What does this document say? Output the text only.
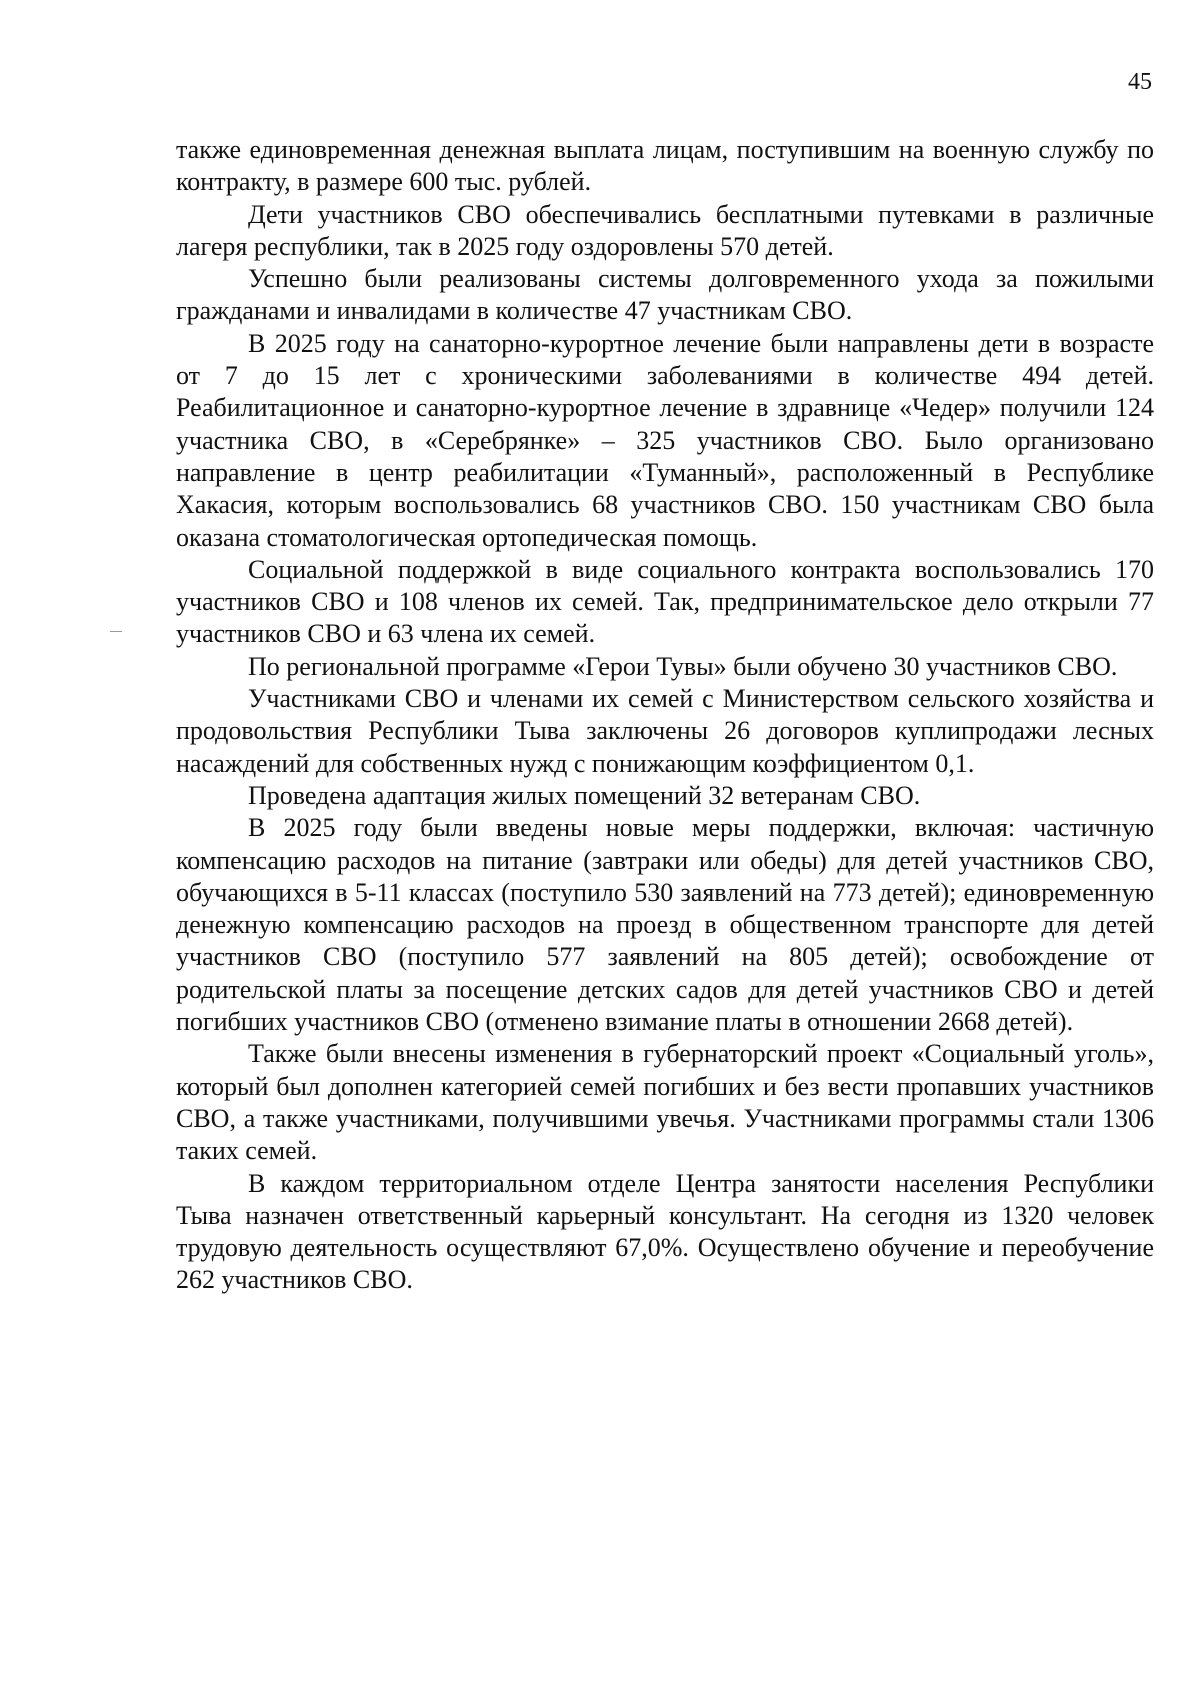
45

также единовременная денежная выплата лицам, поступившим на военную службу по контракту, в размере 600 тыс. рублей.

Дети участников СВО обеспечивались бесплатными путевками в различные лагеря республики, так в 2025 году оздоровлены 570 детей.

Успешно были реализованы системы долговременного ухода за пожилыми гражданами и инвалидами в количестве 47 участникам СВО.

В 2025 году на санаторно-курортное лечение были направлены дети в возрасте от 7 до 15 лет с хроническими заболеваниями в количестве 494 детей. Реабилитационное и санаторно-курортное лечение в здравнице «Чедер» получили 124 участника СВО, в «Серебрянке» – 325 участников СВО. Было организовано направление в центр реабилитации «Туманный», расположенный в Республике Хакасия, которым воспользовались 68 участников СВО. 150 участникам СВО была оказана стоматологическая ортопедическая помощь.

Социальной поддержкой в виде социального контракта воспользовались 170 участников СВО и 108 членов их семей. Так, предпринимательское дело открыли 77 участников СВО и 63 члена их семей.

По региональной программе «Герои Тувы» были обучено 30 участников СВО.

Участниками СВО и членами их семей с Министерством сельского хозяйства и продовольствия Республики Тыва заключены 26 договоров куплипродажи лесных насаждений для собственных нужд с понижающим коэффициентом 0,1.

Проведена адаптация жилых помещений 32 ветеранам СВО.

В 2025 году были введены новые меры поддержки, включая: частичную компенсацию расходов на питание (завтраки или обеды) для детей участников СВО, обучающихся в 5-11 классах (поступило 530 заявлений на 773 детей); единовременную денежную компенсацию расходов на проезд в общественном транспорте для детей участников СВО (поступило 577 заявлений на 805 детей); освобождение от родительской платы за посещение детских садов для детей участников СВО и детей погибших участников СВО (отменено взимание платы в отношении 2668 детей).

Также были внесены изменения в губернаторский проект «Социальный уголь», который был дополнен категорией семей погибших и без вести пропавших участников СВО, а также участниками, получившими увечья. Участниками программы стали 1306 таких семей.

В каждом территориальном отделе Центра занятости населения Республики Тыва назначен ответственный карьерный консультант. На сегодня из 1320 человек трудовую деятельность осуществляют 67,0%. Осуществлено обучение и переобучение 262 участников СВО.
